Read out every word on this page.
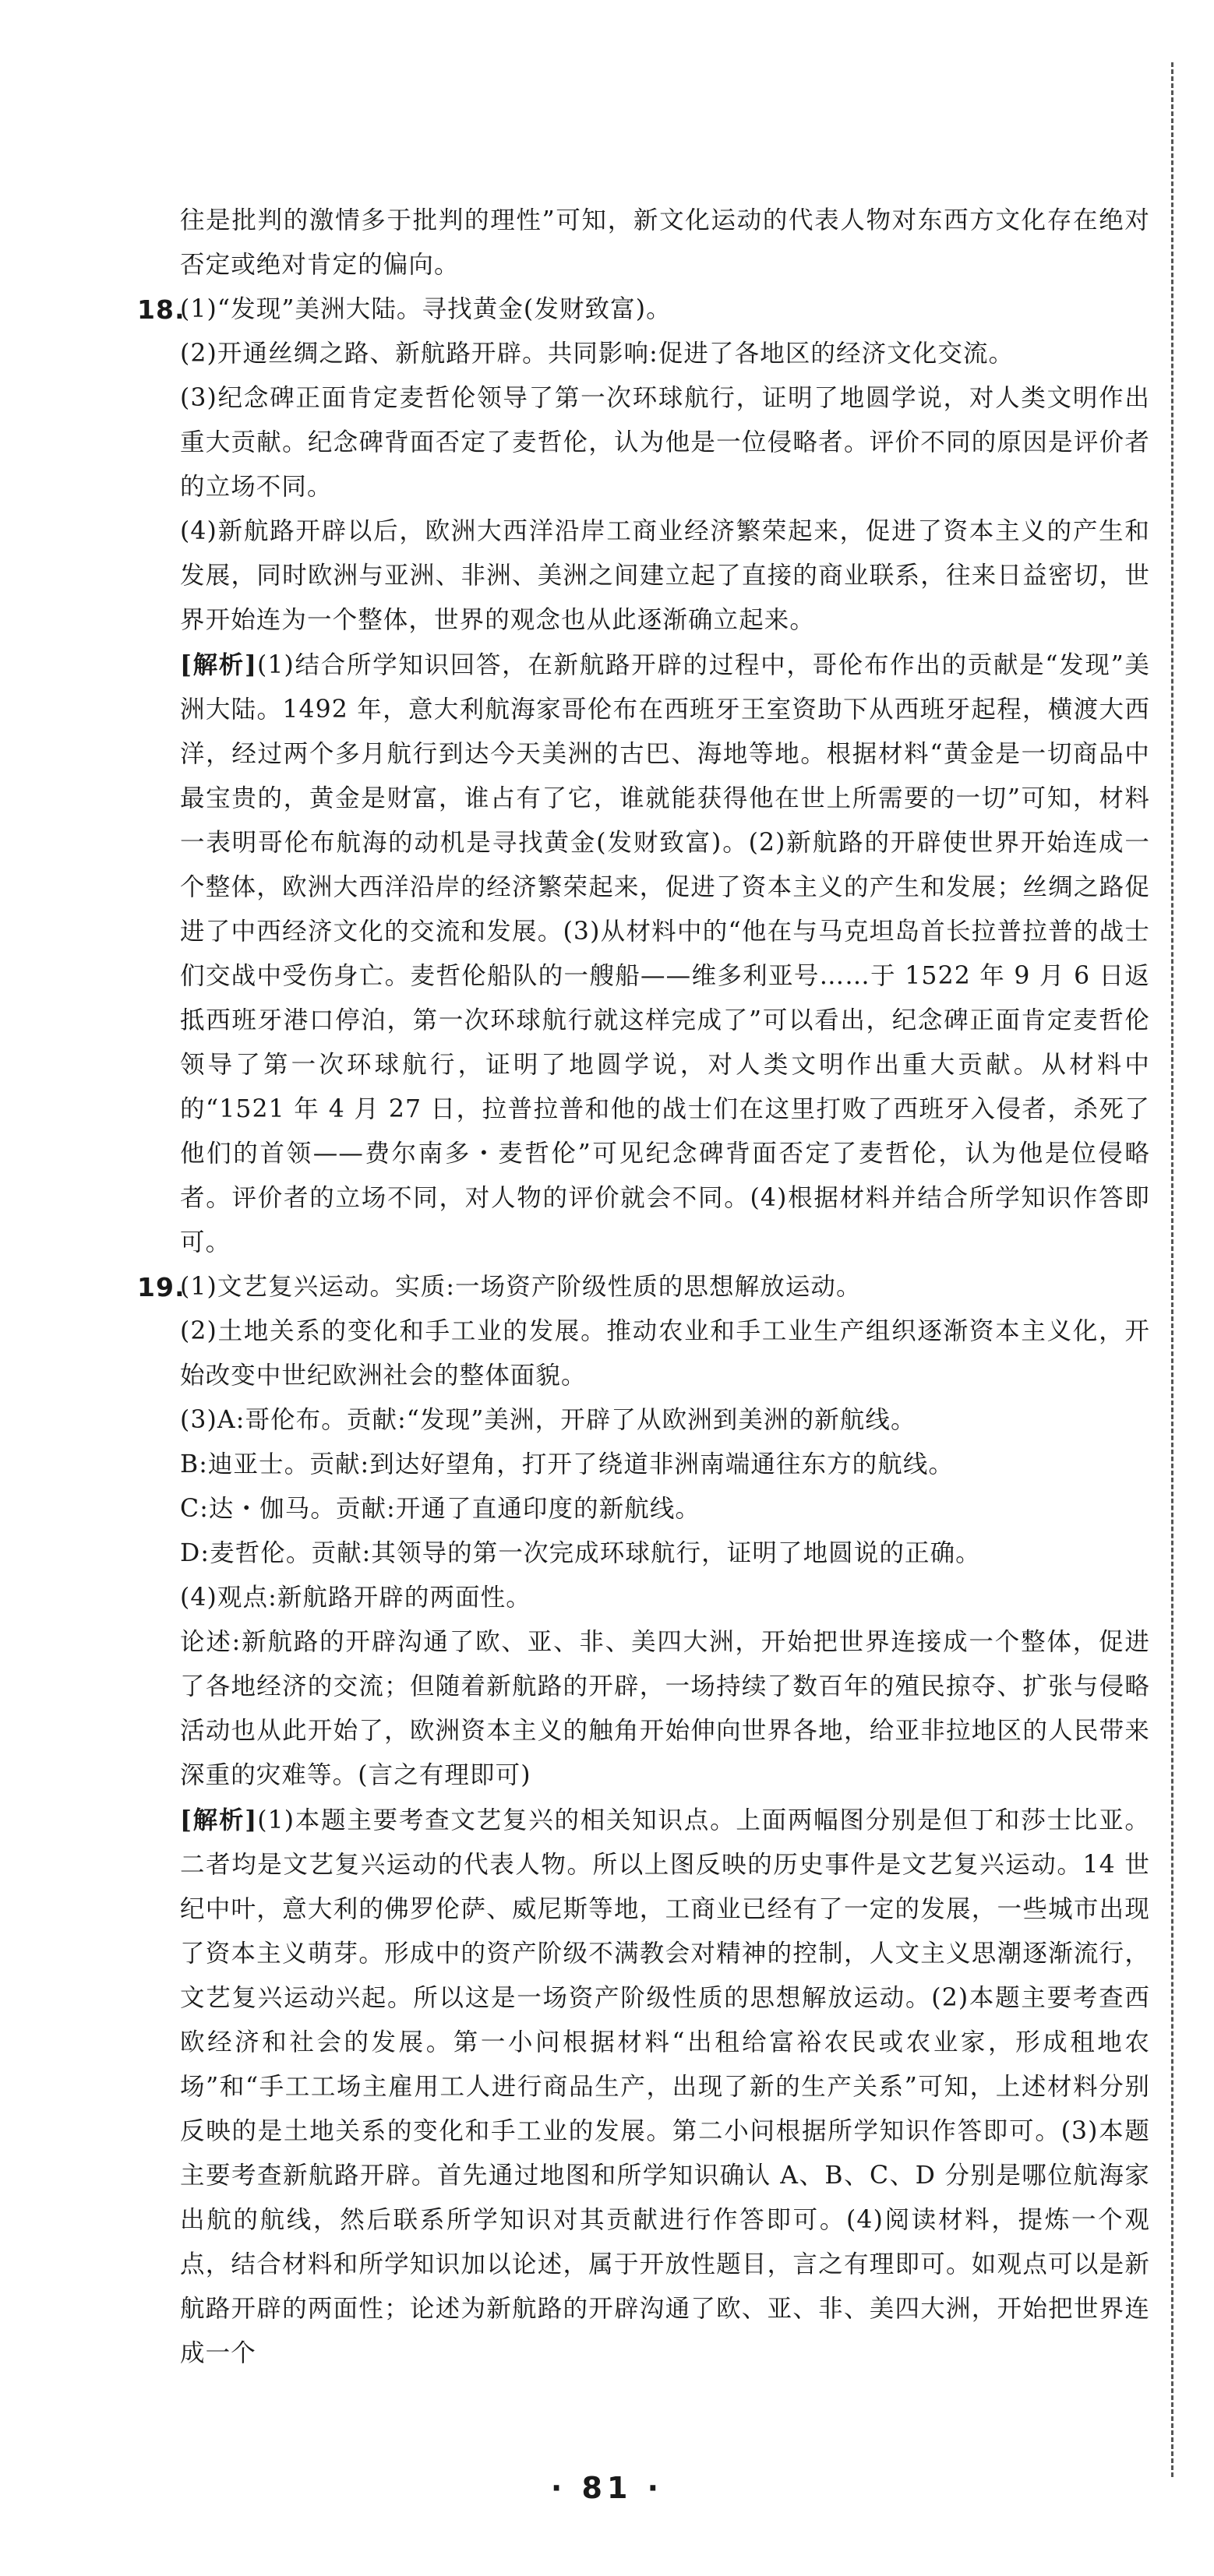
往是批判的激情多于批判的理性”可知，新文化运动的代表人物对东西方文化存在绝对否定或绝对肯定的偏向。

18.
(1)“发现”美洲大陆。寻找黄金(发财致富)。

(2)开通丝绸之路、新航路开辟。共同影响:促进了各地区的经济文化交流。

(3)纪念碑正面肯定麦哲伦领导了第一次环球航行，证明了地圆学说，对人类文明作出重大贡献。纪念碑背面否定了麦哲伦，认为他是一位侵略者。评价不同的原因是评价者的立场不同。

(4)新航路开辟以后，欧洲大西洋沿岸工商业经济繁荣起来，促进了资本主义的产生和发展，同时欧洲与亚洲、非洲、美洲之间建立起了直接的商业联系，往来日益密切，世界开始连为一个整体，世界的观念也从此逐渐确立起来。

[解析](1)结合所学知识回答，在新航路开辟的过程中，哥伦布作出的贡献是“发现”美洲大陆。1492 年，意大利航海家哥伦布在西班牙王室资助下从西班牙起程，横渡大西洋，经过两个多月航行到达今天美洲的古巴、海地等地。根据材料“黄金是一切商品中最宝贵的，黄金是财富，谁占有了它，谁就能获得他在世上所需要的一切”可知，材料一表明哥伦布航海的动机是寻找黄金(发财致富)。(2)新航路的开辟使世界开始连成一个整体，欧洲大西洋沿岸的经济繁荣起来，促进了资本主义的产生和发展；丝绸之路促进了中西经济文化的交流和发展。(3)从材料中的“他在与马克坦岛首长拉普拉普的战士们交战中受伤身亡。麦哲伦船队的一艘船——维多利亚号……于 1522 年 9 月 6 日返抵西班牙港口停泊，第一次环球航行就这样完成了”可以看出，纪念碑正面肯定麦哲伦领导了第一次环球航行，证明了地圆学说，对人类文明作出重大贡献。从材料中的“1521 年 4 月 27 日，拉普拉普和他的战士们在这里打败了西班牙入侵者，杀死了他们的首领——费尔南多・麦哲伦”可见纪念碑背面否定了麦哲伦，认为他是位侵略者。评价者的立场不同，对人物的评价就会不同。(4)根据材料并结合所学知识作答即可。

19.
(1)文艺复兴运动。实质:一场资产阶级性质的思想解放运动。

(2)土地关系的变化和手工业的发展。推动农业和手工业生产组织逐渐资本主义化，开始改变中世纪欧洲社会的整体面貌。

(3)A:哥伦布。贡献:“发现”美洲，开辟了从欧洲到美洲的新航线。

B:迪亚士。贡献:到达好望角，打开了绕道非洲南端通往东方的航线。

C:达・伽马。贡献:开通了直通印度的新航线。

D:麦哲伦。贡献:其领导的第一次完成环球航行，证明了地圆说的正确。

(4)观点:新航路开辟的两面性。

论述:新航路的开辟沟通了欧、亚、非、美四大洲，开始把世界连接成一个整体，促进了各地经济的交流；但随着新航路的开辟，一场持续了数百年的殖民掠夺、扩张与侵略活动也从此开始了，欧洲资本主义的触角开始伸向世界各地，给亚非拉地区的人民带来深重的灾难等。(言之有理即可)

[解析](1)本题主要考查文艺复兴的相关知识点。上面两幅图分别是但丁和莎士比亚。二者均是文艺复兴运动的代表人物。所以上图反映的历史事件是文艺复兴运动。14 世纪中叶，意大利的佛罗伦萨、威尼斯等地，工商业已经有了一定的发展，一些城市出现了资本主义萌芽。形成中的资产阶级不满教会对精神的控制，人文主义思潮逐渐流行，文艺复兴运动兴起。所以这是一场资产阶级性质的思想解放运动。(2)本题主要考查西欧经济和社会的发展。第一小问根据材料“出租给富裕农民或农业家，形成租地农场”和“手工工场主雇用工人进行商品生产，出现了新的生产关系”可知，上述材料分别反映的是土地关系的变化和手工业的发展。第二小问根据所学知识作答即可。(3)本题主要考查新航路开辟。首先通过地图和所学知识确认 A、B、C、D 分别是哪位航海家出航的航线，然后联系所学知识对其贡献进行作答即可。(4)阅读材料，提炼一个观点，结合材料和所学知识加以论述，属于开放性题目，言之有理即可。如观点可以是新航路开辟的两面性；论述为新航路的开辟沟通了欧、亚、非、美四大洲，开始把世界连成一个

· 81 ·
